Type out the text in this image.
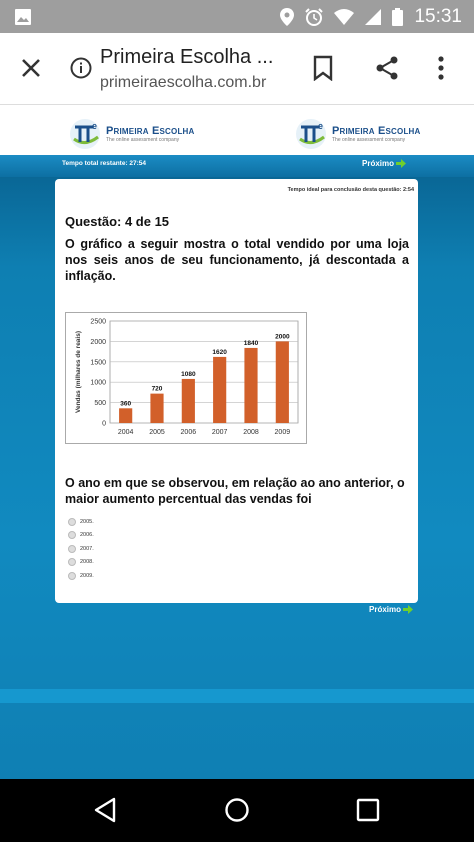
15:31
Primeira Escolha ...
primeiraescolha.com.br
e Primeira Escolha
The online assessment company
e Primeira Escolha
The online assessment company
Tempo total restante: 27:54	Próximo
Tempo ideal para conclusão desta questão: 2:54
Questão: 4 de 15
O gráfico a seguir mostra o total vendido por uma loja nos seis anos de seu funcionamento, já descontada a inflação.
0
500
1000
1500
2000
2500
Vendas (milhares de reais)	360
2004
720
2005
1080
2006
1620
2007
1840
2008
2000
2009
O ano em que se observou, em relação ao ano anterior, o maior aumento percentual das vendas foi
2005.
2006.
2007.
2008.
2009.
Próximo
